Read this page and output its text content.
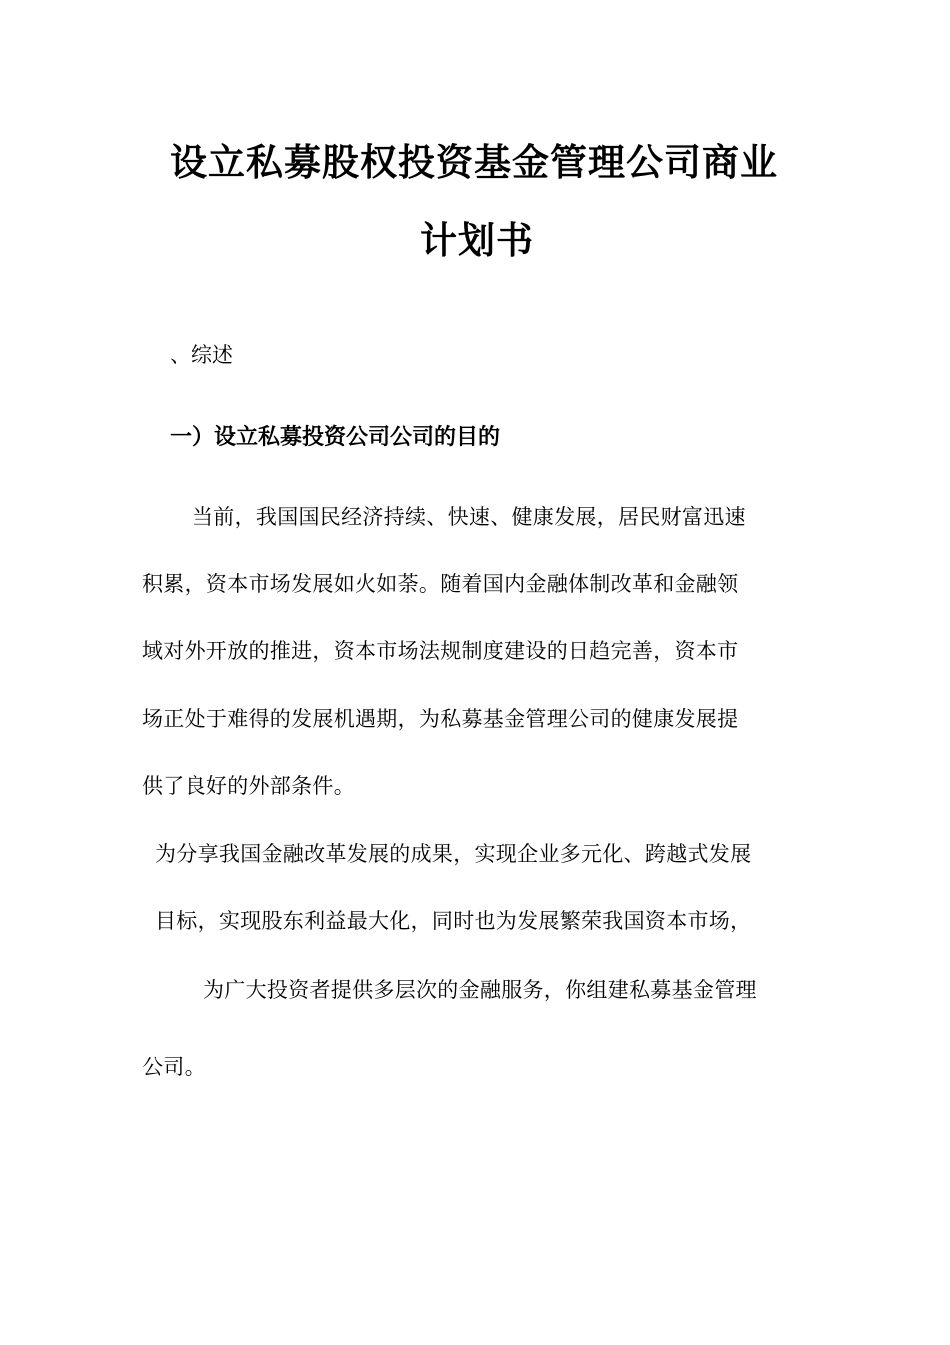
设立私募股权投资基金管理公司商业
计划书
、综述
一）设立私募投资公司公司的目的
当前，我国国民经济持续、快速、健康发展，居民财富迅速
积累，资本市场发展如火如荼。随着国内金融体制改革和金融领
域对外开放的推进，资本市场法规制度建设的日趋完善，资本市
场正处于难得的发展机遇期，为私募基金管理公司的健康发展提
供了良好的外部条件。
为分享我国金融改革发展的成果，实现企业多元化、跨越式发展
目标，实现股东利益最大化，同时也为发展繁荣我国资本市场，
为广大投资者提供多层次的金融服务，你组建私募基金管理
公司。
